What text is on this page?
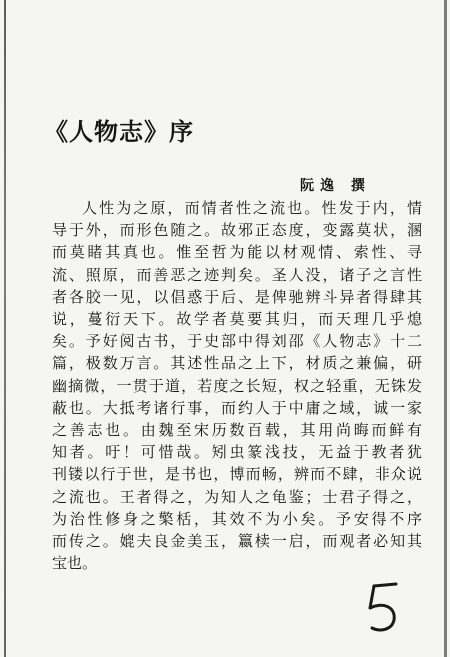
《人物志》序
阮逸 撰
人性为之原，而情者性之流也。性发于内，情
导于外，而形色随之。故邪正态度，变露莫状，溷
而莫睹其真也。惟至哲为能以材观情、索性、寻
流、照原，而善恶之迹判矣。圣人没，诸子之言性
者各胶一见，以倡惑于后、是俾驰辨斗异者得肆其
说，蔓衍天下。故学者莫要其归，而天理几乎熄
矣。予好阅古书，于史部中得刘邵《人物志》十二
篇，极数万言。其述性品之上下，材质之兼偏，研
幽摘微，一贯于道，若度之长短，权之轻重，无铢发
蔽也。大抵考诸行事，而约人于中庸之域，诚一家
之善志也。由魏至宋历数百载，其用尚晦而鲜有
知者。吁！可惜哉。矧虫篆浅技，无益于教者犹
刊镂以行于世，是书也，博而畅，辨而不肆，非众说
之流也。王者得之，为知人之龟鉴；士君子得之，
为治性修身之檠栝，其效不为小矣。予安得不序
而传之。媲夫良金美玉，籝椟一启，而观者必知其
宝也。
